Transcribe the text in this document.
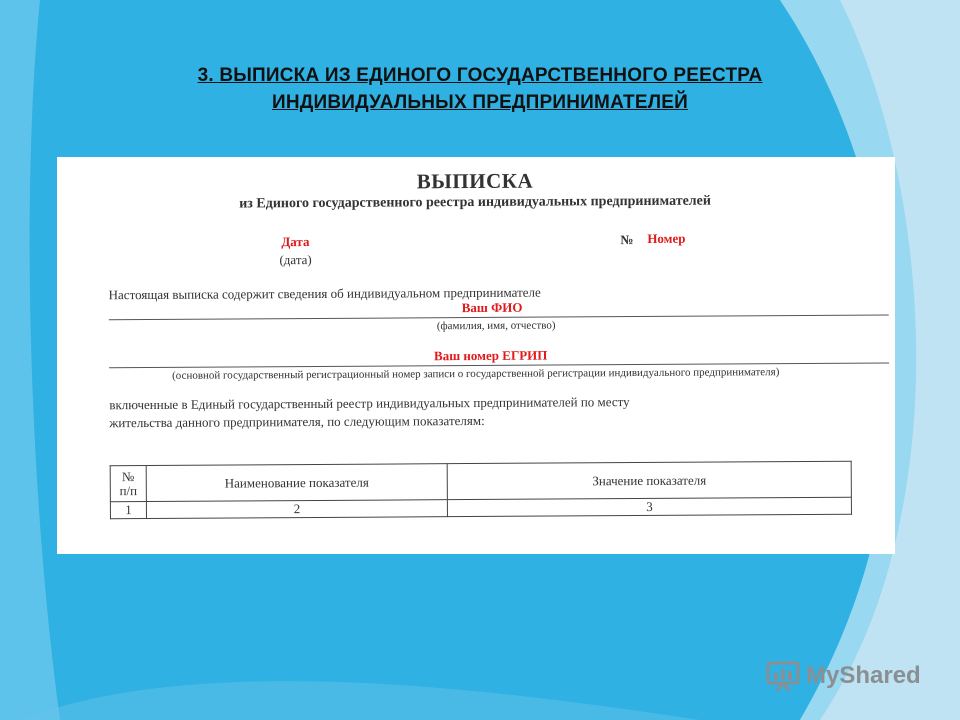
3. ВЫПИСКА ИЗ ЕДИНОГО ГОСУДАРСТВЕННОГО РЕЕСТРА
ИНДИВИДУАЛЬНЫХ ПРЕДПРИНИМАТЕЛЕЙ
ВЫПИСКА
из Единого государственного реестра индивидуальных предпринимателей
Дата
(дата)
№ Номер
Настоящая выписка содержит сведения об индивидуальном предпринимателе
Ваш ФИО
(фамилия, имя, отчество)
Ваш номер ЕГРИП
(основной государственный регистрационный номер записи о государственной регистрации индивидуального предпринимателя)
включенные в Единый государственный реестр индивидуальных предпринимателей по месту
жительства данного предпринимателя, по следующим показателям:
№
п/п	Наименование показателя	Значение показателя
1	2	3
MyShared
